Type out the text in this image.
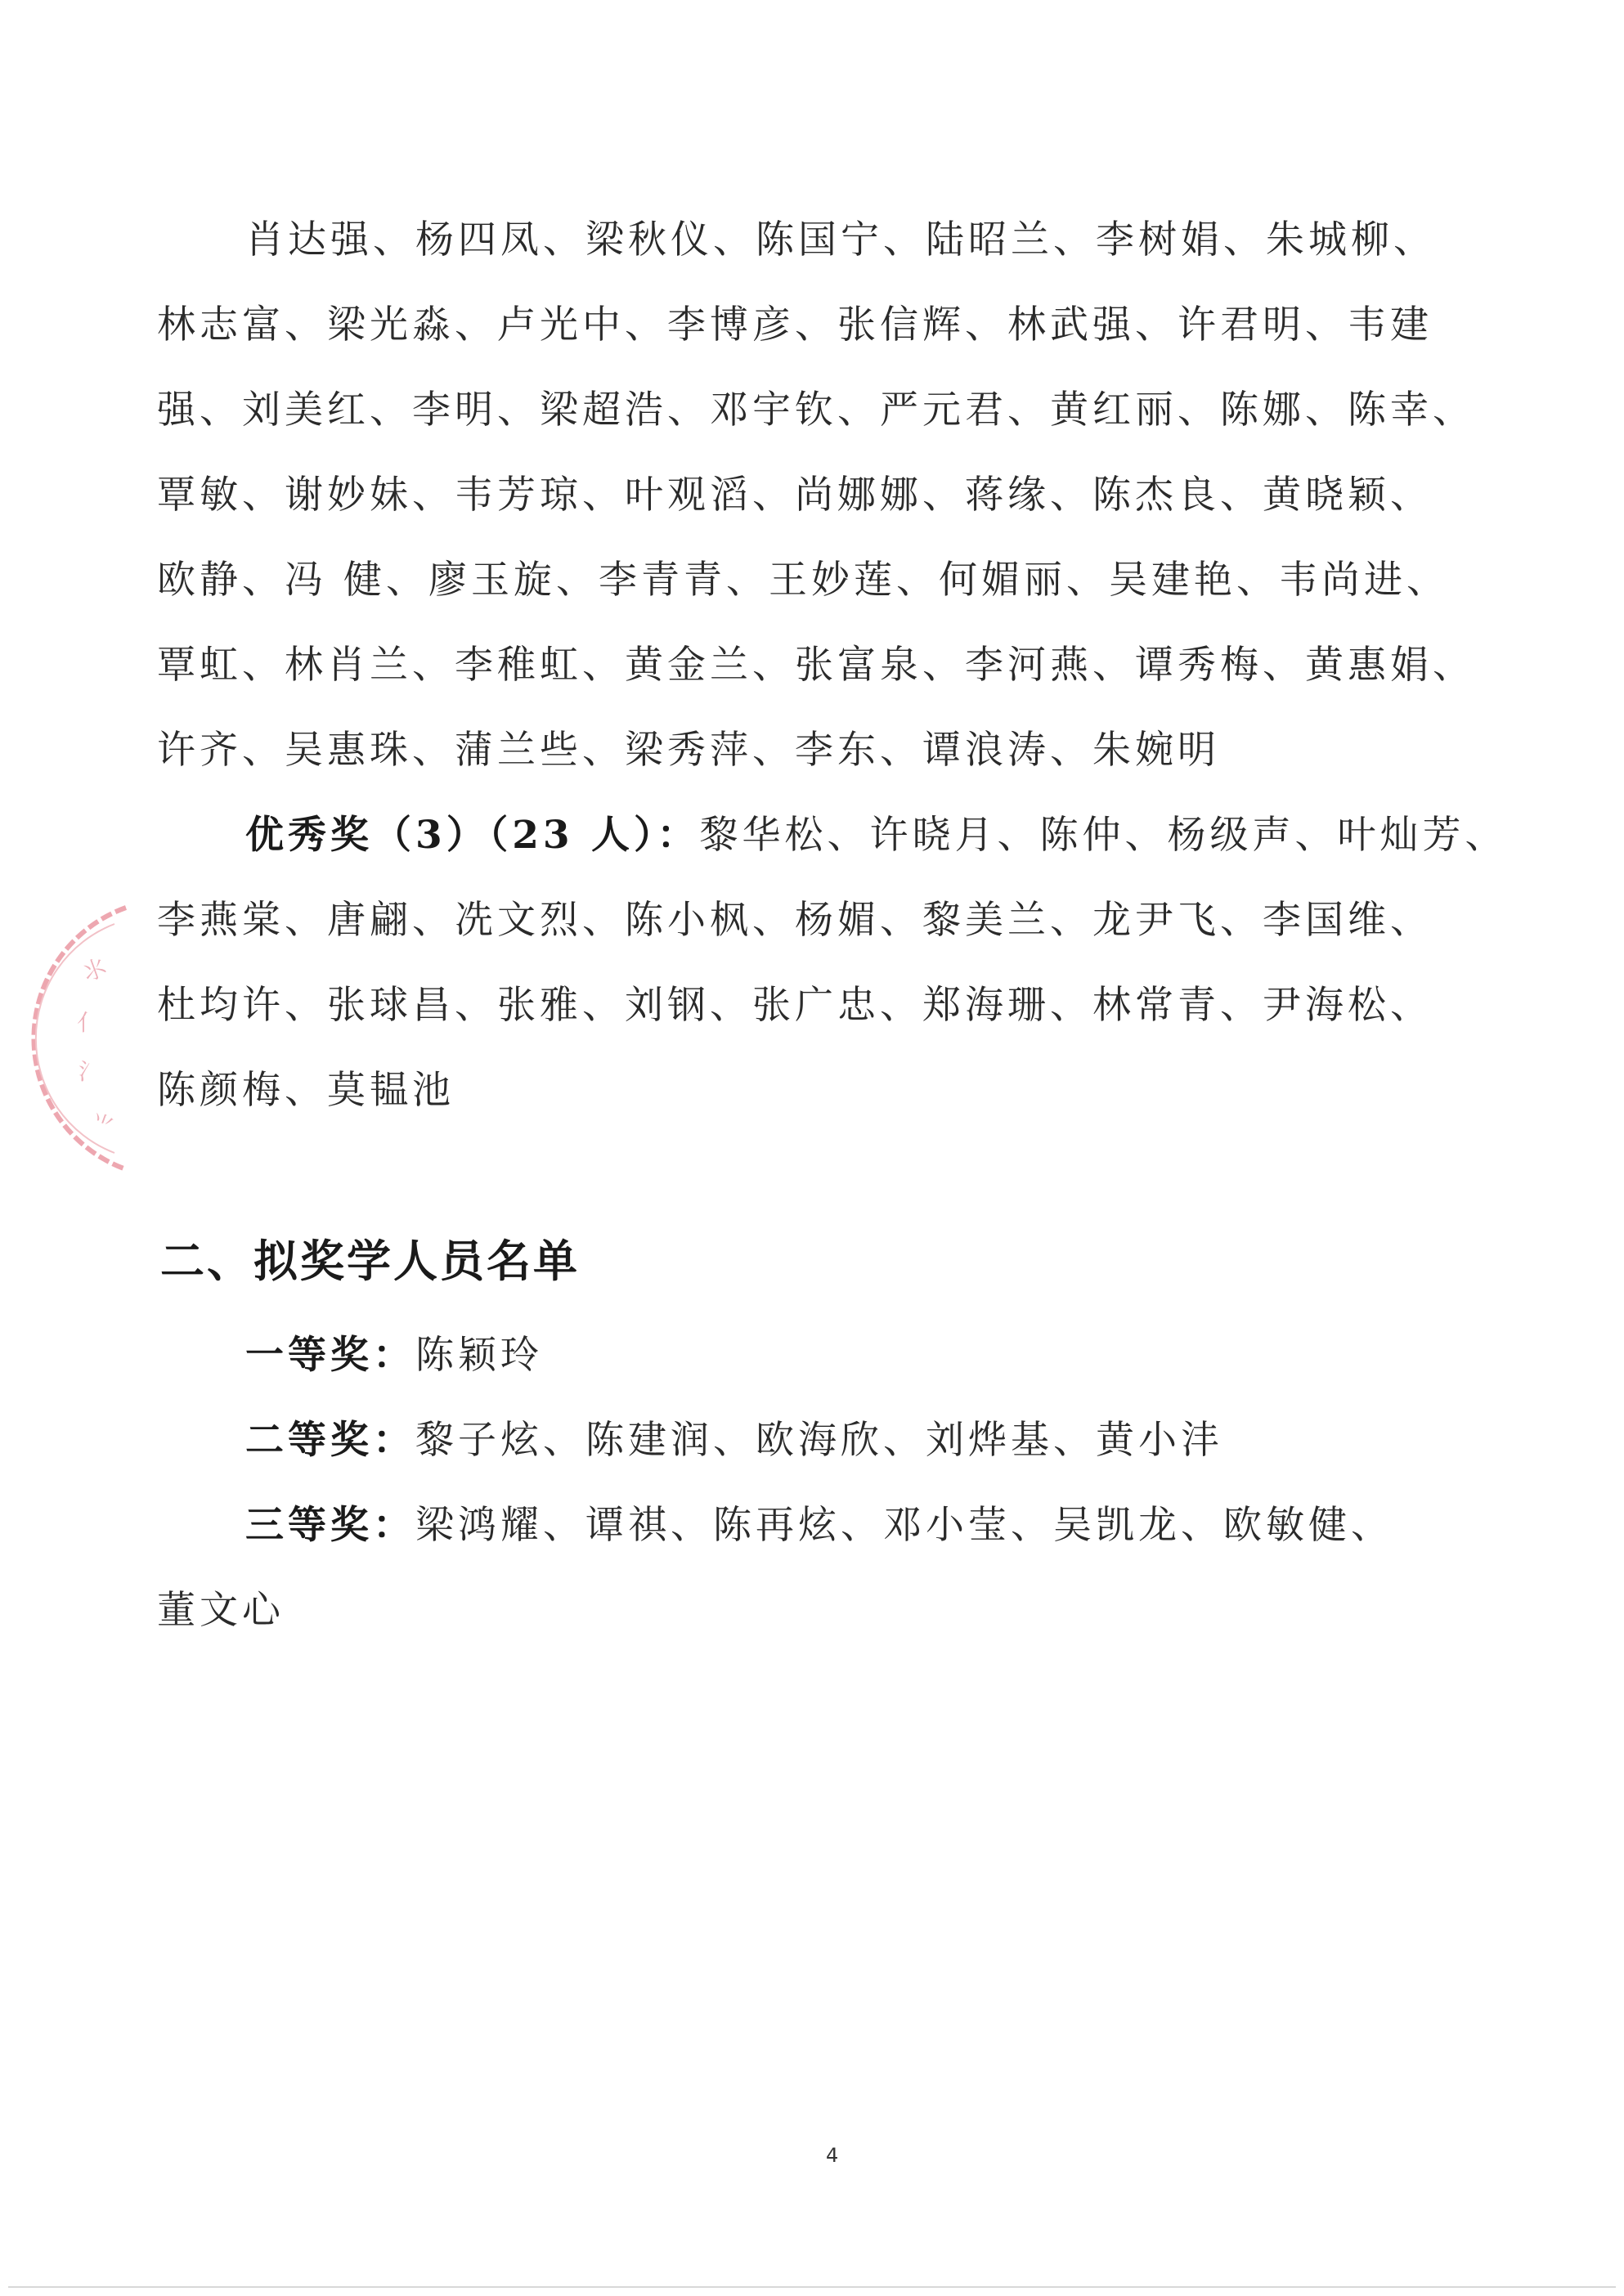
⺢
⺅
⺡
⺌
肖达强、杨四凤、梁秋仪、陈国宁、陆昭兰、李树娟、朱城柳、
林志富、梁光淼、卢光中、李博彦、张信辉、林武强、许君明、韦建
强、刘美红、李明、梁超浩、邓宇钦、严元君、黄红丽、陈娜、陈幸、
覃敏、谢妙妹、韦芳琼、叶观滔、尚娜娜、蒋缘、陈杰良、黄晓颖、
欧静、冯 健、廖玉旋、李青青、王妙莲、何媚丽、吴建艳、韦尚进、
覃虹、林肖兰、李稚虹、黄金兰、张富泉、李河燕、谭秀梅、黄惠娟、
许齐、吴惠珠、蒲兰些、梁秀萍、李东、谭浪涛、朱婉明
优秀奖（3）（23 人）：黎华松、许晓月、陈仲、杨级声、叶灿芳、
李燕棠、唐翩、冼文烈、陈小枫、杨媚、黎美兰、龙尹飞、李国维、
杜均许、张球昌、张雅、刘钢、张广忠、郑海珊、林常青、尹海松、
陈颜梅、莫韫池
二、拟奖学人员名单
一等奖：陈颖玲
二等奖：黎子炫、陈建润、欧海欣、刘烨基、黄小沣
三等奖：梁鸿耀、谭祺、陈再炫、邓小莹、吴凯龙、欧敏健、
董文心
4
